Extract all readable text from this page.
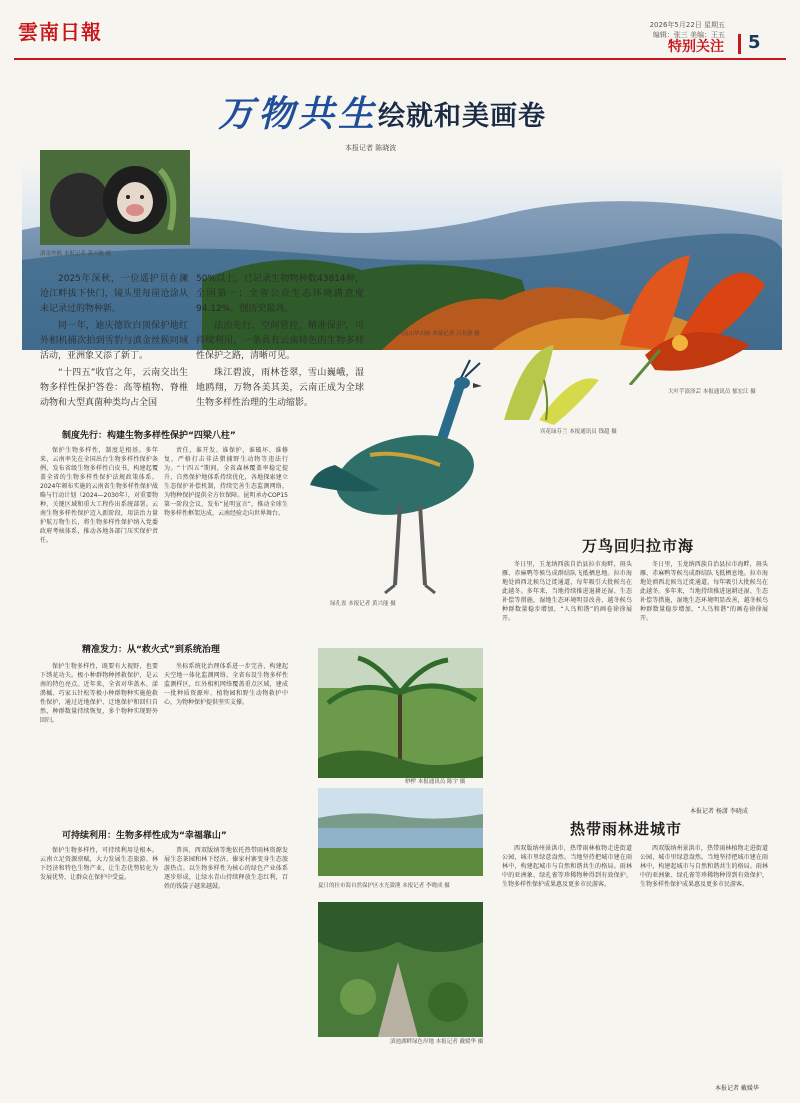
雲南日報	2026年5月22日 星期五
编辑：张三 美编：王五
特别关注 5
万物共生 绘就和美画卷
本报记者 陈晓波
滇金丝猴 本报记者 黄兴能 摄
滇西南山华山脉 本报记者 吕亚静 摄
大叶芋滇泽芸 本报通讯员 郁宏江 摄
宾花绿芬兰 本报通讯员 钱超 摄
绿孔雀 本报记者 黄兴能 摄

2025年深秋，一位遥护员在澜沧江畔拔下快门，镜头里每崖沧涂从未记录过的物种新。

同一年，迪庆德钦白顶保护地红外相机捕次拍到雪豹与滇金丝猴同域活动，亚洲象又添了新丁。

“十四五”收官之年，云南交出生物多样性保护答卷：高等植物、脊椎动物和大型真菌种类均占全国

50%以上，已记录生物物种数43814种，全国第一；全省公众生态环境满意度94.12%，创历史最高。

法治先行，空间管控，精准保护，可持续利用，一条具有云南特色的生物多样性保护之路，清晰可见。

珠江碧波，雨林苍翠，雪山巍峨，湿地鸥翔，万物各美其美，云南正成为全球生物多样性治理的生动缩影。

制度先行：构建生物多样性保护“四梁八柱”
保护生物多样性，制度是根基。多年来，云南率先在全国出台生物多样性保护条例，发布省级生物多样性白皮书，构建起覆盖全省的生物多样性保护法规政策体系。2024年颁布实施的云南省生物多样性保护战略与行动计划（2024—2030年），对重要物种、关键区域和重大工程作出系统部署。云南生物多样性保护迈入新阶段，用法治力量护航万物生长，将生物多样性保护纳入党委政府考核体系，推动各地各部门压实保护责任。
责任，谁开发、谁保护，谁破坏、谁修复，严格打击非法猎捕野生动物等违法行为。“十四五”期间，全省森林覆盖率稳定提升，自然保护地体系持续优化，各地探索建立生态保护补偿机制，持续完善生态监测网络，为物种保护提供全方位保障。昆明承办COP15第一阶段会议，发布“昆明宣言”，推动全球生物多样性框架达成，云南经验走向世界舞台。
精准发力：从“救火式”到系统治理
保护生物多样性，既要有大视野，也要下绣花功夫。极小种群物种拯救保护，是云南的特色亮点。近年来，全省对华盖木、漾濞槭、巧家五针松等极小种群物种实施抢救性保护，通过近地保护、迁地保护和回归自然，种群数量持续恢复，多个物种实现野外回归。
坐标系统化治理体系进一步完善，构建起天空地一体化监测网络，全省布设生物多样性监测样区，红外相机网络覆盖重点区域，建成一批种质资源库、植物园和野生动物救护中心，为物种保护提供坚实支撑。
可持续利用：生物多样性成为“幸福靠山”
保护生物多样性，可持续利用是根本。云南立足资源禀赋，大力发展生态旅游、林下经济和特色生物产业，让生态优势转化为发展优势，让群众在保护中受益。
普洱、西双版纳等地依托热带雨林资源发展生态茶园和林下经济，傣家村寨变身生态旅游热点。以生物多样性为核心的绿色产业体系逐步形成，让绿水青山持续释放生态红利，百姓的钱袋子越来越鼓。
桫椤 本报通讯员 陈宇 摄
夏日的拉市海自然保护区水光潋滟 本报记者 李晓成 摄
滇池湖畔绿色岸地 本报记者 戴媛华 摄
万鸟回归拉市海
冬日里，玉龙纳西族自治县拉市海畔，斑头雁、赤麻鸭等候鸟成群结队飞抵栖息地。拉市海地处滇西北候鸟迁徙通道，每年吸引大批候鸟在此越冬。多年来，当地持续推进退耕还湿、生态补偿等措施，湿地生态环境明显改善，越冬候鸟种群数量稳步增加，“人鸟和谐”的画卷徐徐展开。
冬日里，玉龙纳西族自治县拉市海畔，斑头雁、赤麻鸭等候鸟成群结队飞抵栖息地。拉市海地处滇西北候鸟迁徙通道，每年吸引大批候鸟在此越冬。多年来，当地持续推进退耕还湿、生态补偿等措施，湿地生态环境明显改善，越冬候鸟种群数量稳步增加，“人鸟和谐”的画卷徐徐展开。
本报记者 杨潇 李晓成
热带雨林进城市
西双版纳州景洪市，热带雨林植物走进街道公园，城市里绿意盎然。当地坚持把城市建在雨林中，构建起城市与自然和谐共生的格局。雨林中的亚洲象、绿孔雀等珍稀物种得到有效保护，生物多样性保护成果惠及更多市民游客。
西双版纳州景洪市，热带雨林植物走进街道公园，城市里绿意盎然。当地坚持把城市建在雨林中，构建起城市与自然和谐共生的格局。雨林中的亚洲象、绿孔雀等珍稀物种得到有效保护，生物多样性保护成果惠及更多市民游客。
本报记者 戴媛华
